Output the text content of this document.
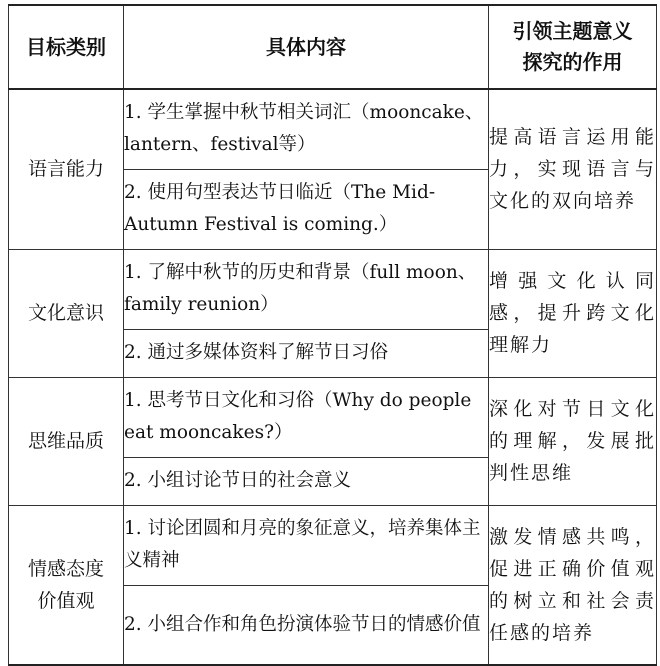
目标类别	具体内容	引领主题意义探究的作用
语言能力	1. 学生掌握中秋节相关词汇（mooncake、lantern、festival等）	提高语言运用能力，实现语言与文化的双向培养
	2. 使用句型表达节日临近（The Mid-Autumn Festival is coming.）	
文化意识	1. 了解中秋节的历史和背景（full moon、family reunion）	增强文化认同感，提升跨文化理解力
	2. 通过多媒体资料了解节日习俗	
思维品质	1. 思考节日文化和习俗（Why do people eat mooncakes?）	深化对节日文化的理解，发展批判性思维
	2. 小组讨论节日的社会意义	
情感态度价值观	1. 讨论团圆和月亮的象征意义，培养集体主义精神	激发情感共鸣，促进正确价值观的树立和社会责任感的培养
	2. 小组合作和角色扮演体验节日的情感价值	
